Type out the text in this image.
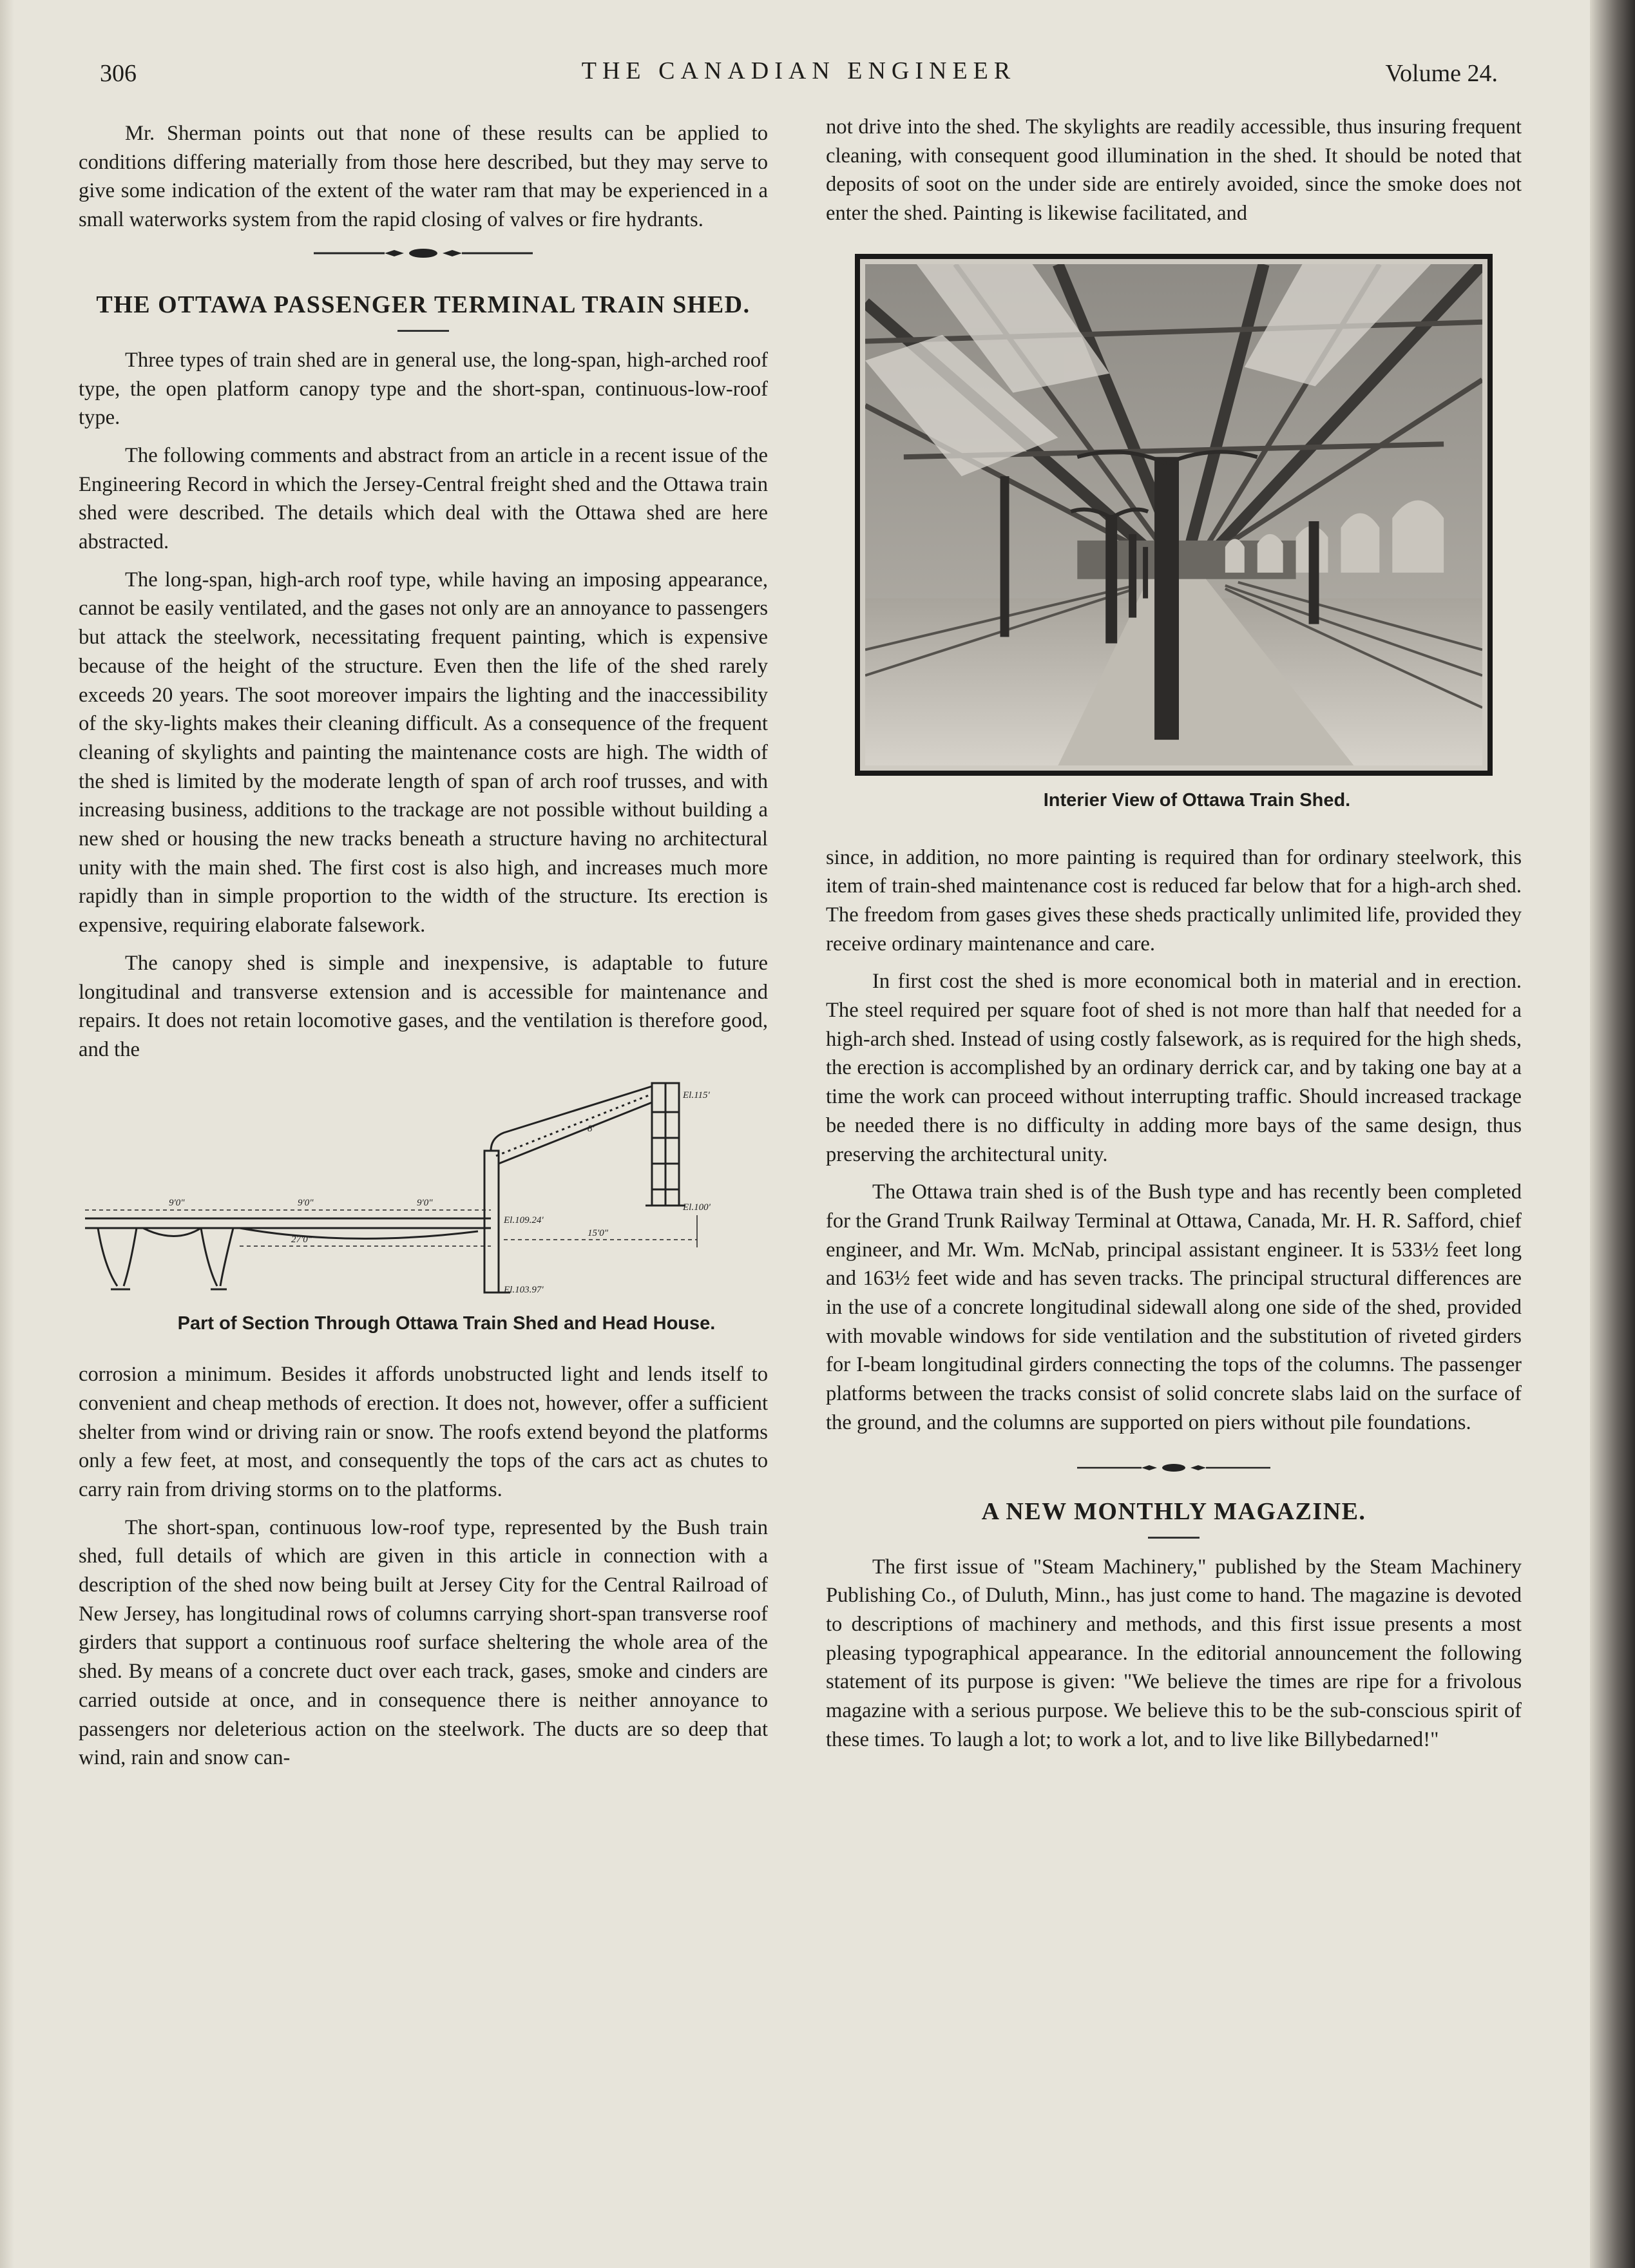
306	THE CANADIAN ENGINEER	Volume 24.

Mr. Sherman points out that none of these results can be applied to conditions differing materially from those here described, but they may serve to give some indication of the extent of the water ram that may be experienced in a small waterworks system from the rapid closing of valves or fire hydrants.

THE OTTAWA PASSENGER TERMINAL TRAIN SHED.

Three types of train shed are in general use, the long-span, high-arched roof type, the open platform canopy type and the short-span, continuous-low-roof type.

The following comments and abstract from an article in a recent issue of the Engineering Record in which the Jersey-Central freight shed and the Ottawa train shed were described. The details which deal with the Ottawa shed are here abstracted.

The long-span, high-arch roof type, while having an imposing appearance, cannot be easily ventilated, and the gases not only are an annoyance to passengers but attack the steelwork, necessitating frequent painting, which is expensive because of the height of the structure. Even then the life of the shed rarely exceeds 20 years. The soot moreover impairs the lighting and the inaccessibility of the sky-lights makes their cleaning difficult. As a consequence of the frequent cleaning of skylights and painting the maintenance costs are high. The width of the shed is limited by the moderate length of span of arch roof trusses, and with increasing business, additions to the trackage are not possible without building a new shed or housing the new tracks beneath a structure having no architectural unity with the main shed. The first cost is also high, and increases much more rapidly than in simple proportion to the width of the structure. Its erection is expensive, requiring elaborate falsework.

The canopy shed is simple and inexpensive, is adaptable to future longitudinal and transverse extension and is accessible for maintenance and repairs. It does not retain locomotive gases, and the ventilation is therefore good, and the

El.115'
El.100'
El.109.24'
El.103.97'
8'
9'0"	9'0"	9'0"
27'0"
15'0"

Part of Section Through Ottawa Train Shed and Head House.

corrosion a minimum. Besides it affords unobstructed light and lends itself to convenient and cheap methods of erection. It does not, however, offer a sufficient shelter from wind or driving rain or snow. The roofs extend beyond the platforms only a few feet, at most, and consequently the tops of the cars act as chutes to carry rain from driving storms on to the platforms.

The short-span, continuous low-roof type, represented by the Bush train shed, full details of which are given in this article in connection with a description of the shed now being built at Jersey City for the Central Railroad of New Jersey, has longitudinal rows of columns carrying short-span transverse roof girders that support a continuous roof surface sheltering the whole area of the shed. By means of a concrete duct over each track, gases, smoke and cinders are carried outside at once, and in consequence there is neither annoyance to passengers nor deleterious action on the steelwork. The ducts are so deep that wind, rain and snow can-

not drive into the shed. The skylights are readily accessible, thus insuring frequent cleaning, with consequent good illumination in the shed. It should be noted that deposits of soot on the under side are entirely avoided, since the smoke does not enter the shed. Painting is likewise facilitated, and

Interier View of Ottawa Train Shed.

since, in addition, no more painting is required than for ordinary steelwork, this item of train-shed maintenance cost is reduced far below that for a high-arch shed. The freedom from gases gives these sheds practically unlimited life, provided they receive ordinary maintenance and care.

In first cost the shed is more economical both in material and in erection. The steel required per square foot of shed is not more than half that needed for a high-arch shed. Instead of using costly falsework, as is required for the high sheds, the erection is accomplished by an ordinary derrick car, and by taking one bay at a time the work can proceed without interrupting traffic. Should increased trackage be needed there is no difficulty in adding more bays of the same design, thus preserving the architectural unity.

The Ottawa train shed is of the Bush type and has recently been completed for the Grand Trunk Railway Terminal at Ottawa, Canada, Mr. H. R. Safford, chief engineer, and Mr. Wm. McNab, principal assistant engineer. It is 533½ feet long and 163½ feet wide and has seven tracks. The principal structural differences are in the use of a concrete longitudinal sidewall along one side of the shed, provided with movable windows for side ventilation and the substitution of riveted girders for I-beam longitudinal girders connecting the tops of the columns. The passenger platforms between the tracks consist of solid concrete slabs laid on the surface of the ground, and the columns are supported on piers without pile foundations.

A NEW MONTHLY MAGAZINE.

The first issue of "Steam Machinery," published by the Steam Machinery Publishing Co., of Duluth, Minn., has just come to hand. The magazine is devoted to descriptions of machinery and methods, and this first issue presents a most pleasing typographical appearance. In the editorial announcement the following statement of its purpose is given: "We believe the times are ripe for a frivolous magazine with a serious purpose. We believe this to be the sub-conscious spirit of these times. To laugh a lot; to work a lot, and to live like Billybedarned!"
